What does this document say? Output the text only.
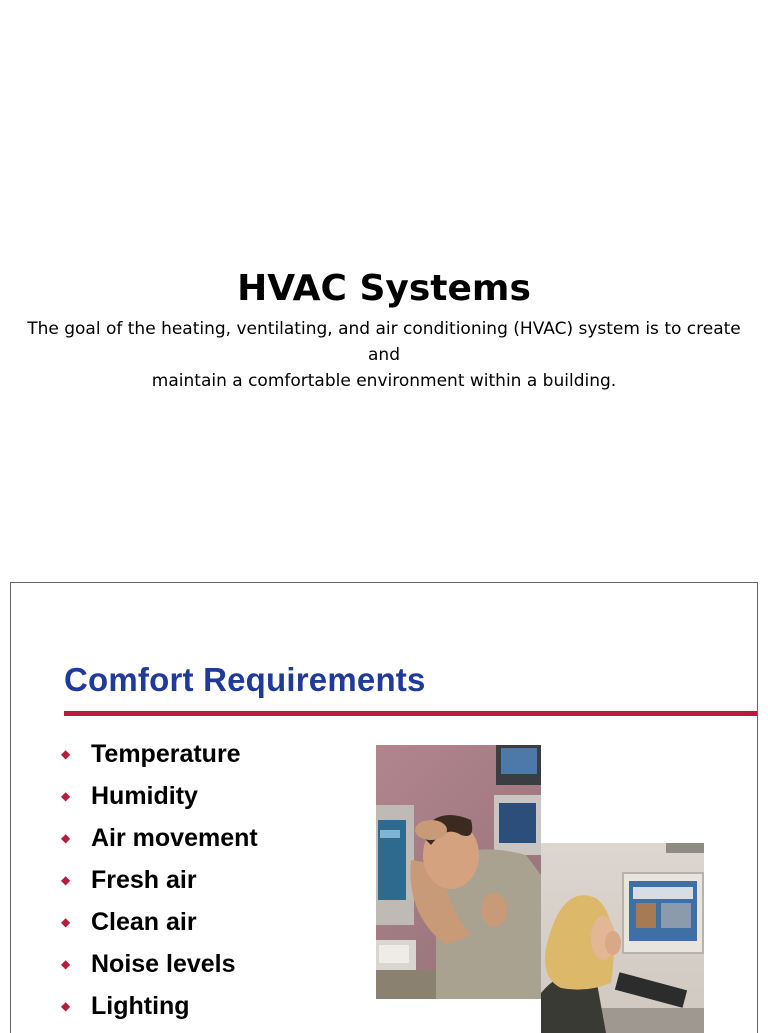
HVAC Systems

The goal of the heating, ventilating, and air conditioning (HVAC) system is to create

and

maintain a comfortable environment within a building.

Comfort Requirements
◆ Temperature
◆ Humidity
◆ Air movement
◆ Fresh air
◆ Clean air
◆ Noise levels
◆ Lighting
